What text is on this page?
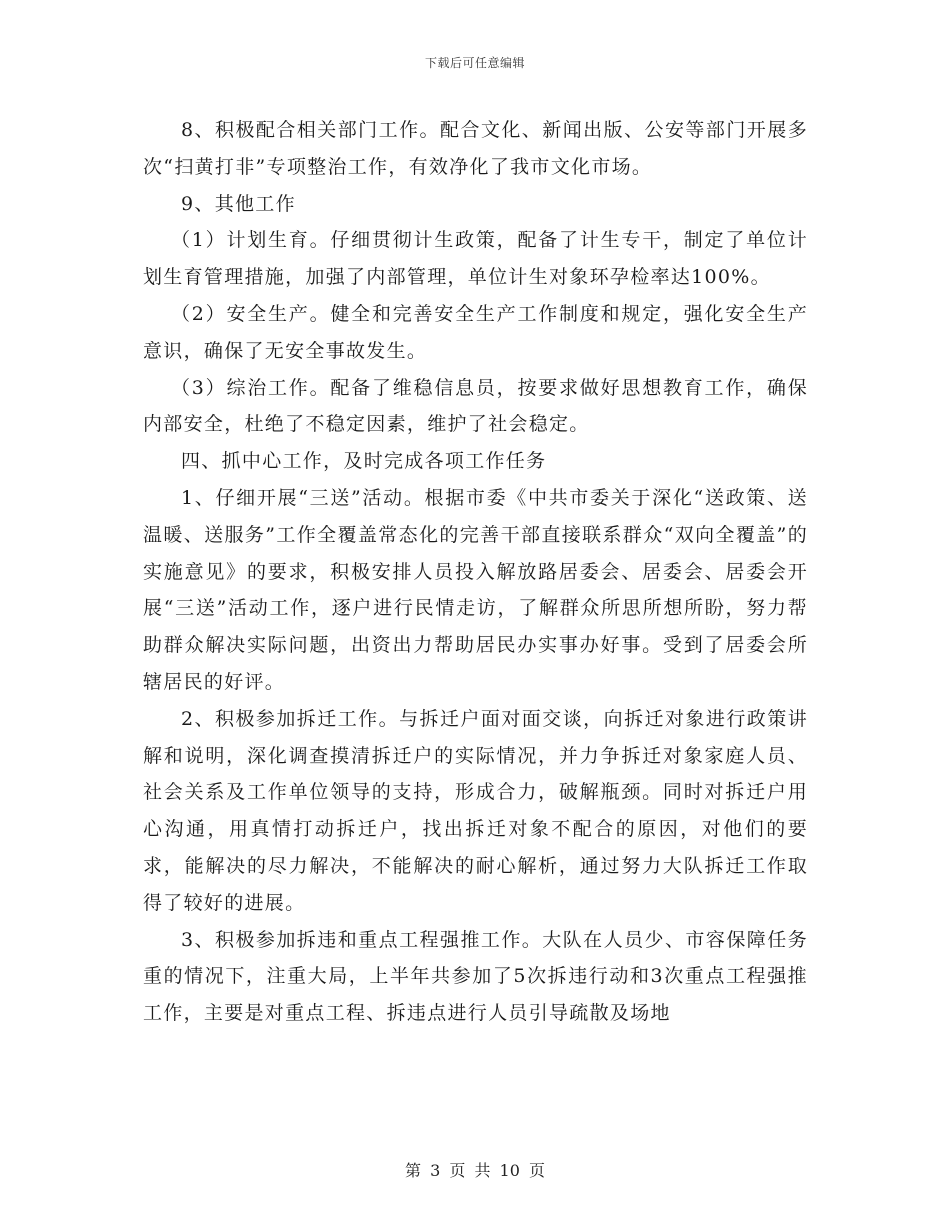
下载后可任意编辑

8、积极配合相关部门工作。配合文化、新闻出版、公安等部门开展多次“扫黄打非”专项整治工作，有效净化了我市文化市场。

9、其他工作

（1）计划生育。仔细贯彻计生政策，配备了计生专干，制定了单位计划生育管理措施，加强了内部管理，单位计生对象环孕检率达100%。

（2）安全生产。健全和完善安全生产工作制度和规定，强化安全生产意识，确保了无安全事故发生。

（3）综治工作。配备了维稳信息员，按要求做好思想教育工作，确保内部安全，杜绝了不稳定因素，维护了社会稳定。

四、抓中心工作，及时完成各项工作任务

1、仔细开展“三送”活动。根据市委《中共市委关于深化“送政策、送温暖、送服务”工作全覆盖常态化的完善干部直接联系群众“双向全覆盖”的实施意见》的要求，积极安排人员投入解放路居委会、居委会、居委会开展“三送”活动工作，逐户进行民情走访，了解群众所思所想所盼，努力帮助群众解决实际问题，出资出力帮助居民办实事办好事。受到了居委会所辖居民的好评。

2、积极参加拆迁工作。与拆迁户面对面交谈，向拆迁对象进行政策讲解和说明，深化调查摸清拆迁户的实际情况，并力争拆迁对象家庭人员、社会关系及工作单位领导的支持，形成合力，破解瓶颈。同时对拆迁户用心沟通，用真情打动拆迁户，找出拆迁对象不配合的原因，对他们的要求，能解决的尽力解决，不能解决的耐心解析，通过努力大队拆迁工作取得了较好的进展。

3、积极参加拆违和重点工程强推工作。大队在人员少、市容保障任务重的情况下，注重大局，上半年共参加了5次拆违行动和3次重点工程强推工作，主要是对重点工程、拆违点进行人员引导疏散及场地

第 3 页 共 10 页
